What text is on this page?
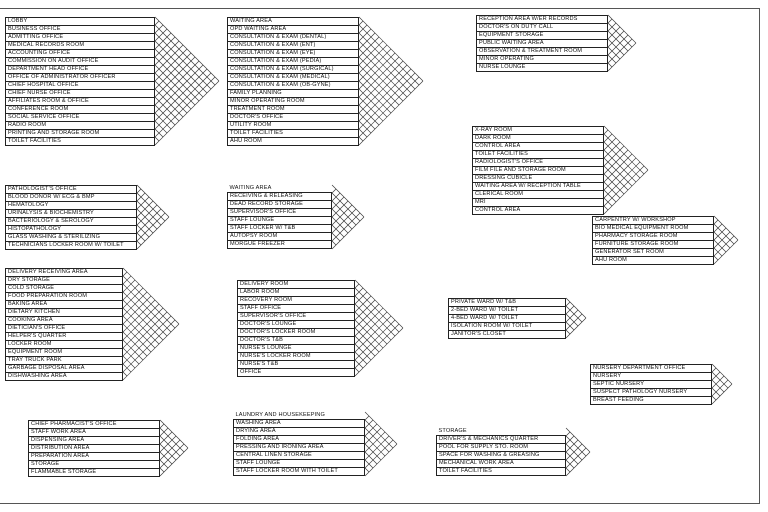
LOBBY
BUSINESS OFFICE
ADMITTING OFFICE
MEDICAL RECORDS ROOM
ACCOUNTING OFFICE
COMMISSION ON AUDIT OFFICE
DEPARTMENT HEAD OFFICE
OFFICE OF ADMINISTRATOR OFFICER
CHIEF HOSPITAL OFFICE
CHIEF NURSE OFFICE
AFFILIATES ROOM & OFFICE
CONFERENCE ROOM
SOCIAL SERVICE OFFICE
RADIO ROOM
PRINTING AND STORAGE ROOM
TOILET FACILITIES
WAITING AREA
OPD WAITING AREA
CONSULTATION & EXAM (DENTAL)
CONSULTATION & EXAM (ENT)
CONSULTATION & EXAM (EYE)
CONSULTATION & EXAM (PEDIA)
CONSULTATION & EXAM (SURGICAL)
CONSULTATION & EXAM (MEDICAL)
CONSULTATION & EXAM (OB-GYNE)
FAMILY PLANNING
MINOR OPERATING ROOM
TREATMENT ROOM
DOCTOR'S OFFICE
UTILITY ROOM
TOILET FACILITIES
AHU ROOM
RECEPTION AREA W/ER RECORDS
DOCTOR'S ON DUTY CALL
EQUIPMENT STORAGE
PUBLIC WAITING AREA
OBSERVATION & TREATMENT ROOM
MINOR OPERATING
NURSE LOUNGE
X-RAY ROOM
DARK ROOM
CONTROL AREA
TOILET FACILITIES
RADIOLOGIST'S OFFICE
FILM FILE AND STORAGE ROOM
DRESSING CUBICLE
WAITING AREA W/ RECEPTION TABLE
CLERICAL ROOM
MRI
CONTROL AREA
PATHOLOGIST'S OFFICE
BLOOD DONOR W/ ECG & BMP
HEMATOLOGY
URINALYSIS & BIOCHEMISTRY
BACTERIOLOGY & SEROLOGY
HISTOPATHOLOGY
GLASS WASHING & STERILIZING
TECHNICIANS LOCKER ROOM W/ TOILET
WAITING AREA
RECEIVING & RELEASING
DEAD RECORD STORAGE
SUPERVISOR'S OFFICE
STAFF LOUNGE
STAFF LOCKER W/ T&B
AUTOPSY ROOM
MORGUE FREEZER
CARPENTRY W/ WORKSHOP
BIO MEDICAL EQUIPMENT ROOM
PHARMACY STORAGE ROOM
FURNITURE STORAGE ROOM
GENERATOR SET ROOM
AHU ROOM
DELIVERY RECEIVING AREA
DRY STORAGE
COLD STORAGE
FOOD PREPARATION ROOM
BAKING AREA
DIETARY KITCHEN
COOKING AREA
DIETICIAN'S OFFICE
HELPER'S QUARTER
LOCKER ROOM
EQUIPMENT ROOM
TRAY TRUCK PARK
GARBAGE DISPOSAL AREA
DISHWASHING AREA
DELIVERY ROOM
LABOR ROOM
RECOVERY ROOM
STAFF OFFICE
SUPERVISOR'S OFFICE
DOCTOR'S LOUNGE
DOCTOR'S LOCKER ROOM
DOCTOR'S T&B
NURSE'S LOUNGE
NURSE'S LOCKER ROOM
NURSE'S T&B
OFFICE
PRIVATE WARD W/ T&B
2-BED WARD W/ TOILET
4-BED WARD W/ TOILET
ISOLATION ROOM W/ TOILET
JANITOR'S CLOSET
NURSERY DEPARTMENT OFFICE
NURSERY
SEPTIC NURSERY
SUSPECT PATHOLOGY NURSERY
BREAST FEEDING
CHIEF PHARMACIST'S OFFICE
STAFF WORK AREA
DISPENSING AREA
DISTRIBUTION AREA
PREPARATION AREA
STORAGE
FLAMMABLE STORAGE
LAUNDRY AND HOUSEKEEPING
WASHING AREA
DRYING AREA
FOLDING AREA
PRESSING AND IRONING AREA
CENTRAL LINEN STORAGE
STAFF LOUNGE
STAFF LOCKER ROOM WITH TOILET
STORAGE
DRIVER'S & MECHANICS QUARTER
POOL FOR SUPPLY STO. ROOM
SPACE FOR WASHING & GREASING
MECHANICAL WORK AREA
TOILET FACILITIES
